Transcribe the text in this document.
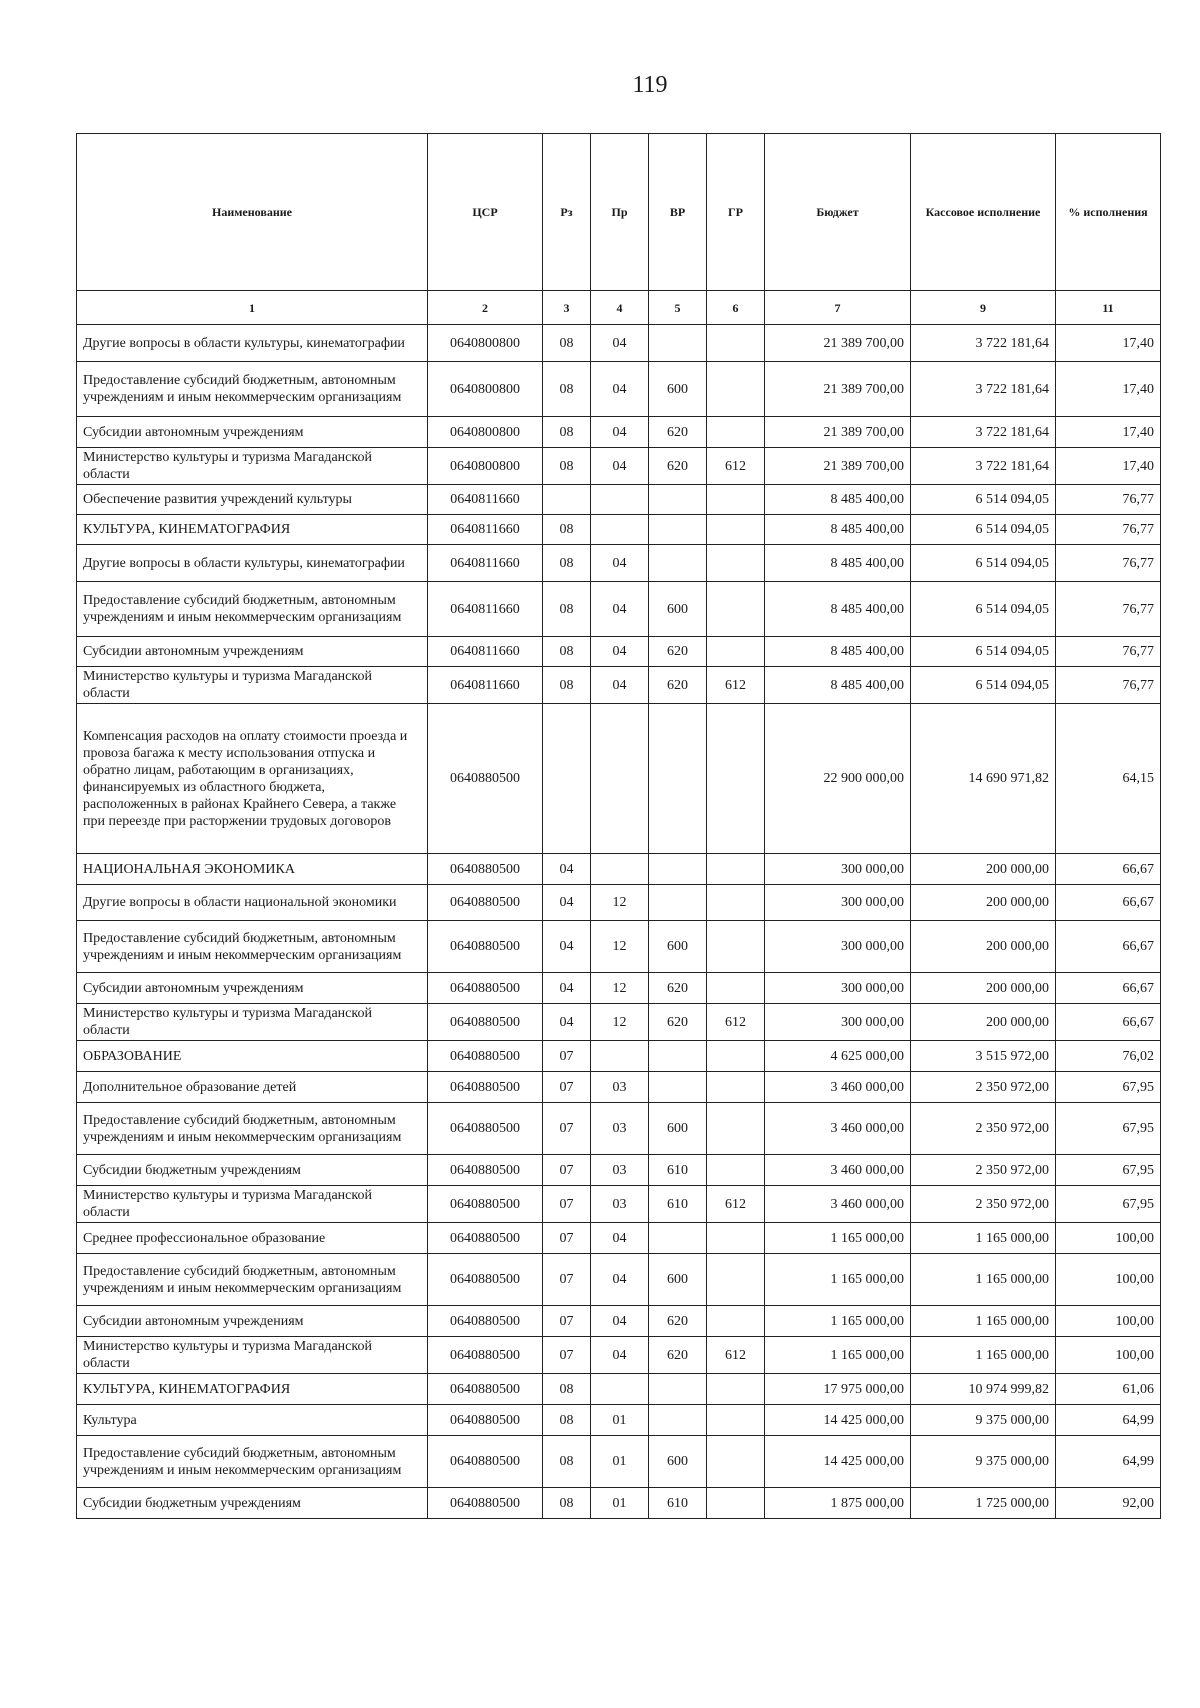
119
Наименование	ЦСР	Рз	Пр	ВР	ГР	Бюджет	Кассовое исполнение	% исполнения
1	2	3	4	5	6	7	9	11
Другие вопросы в области культуры, кинематографии	0640800800	08	04			21 389 700,00	3 722 181,64	17,40
Предоставление субсидий бюджетным, автономным учреждениям и иным некоммерческим организациям	0640800800	08	04	600		21 389 700,00	3 722 181,64	17,40
Субсидии автономным учреждениям	0640800800	08	04	620		21 389 700,00	3 722 181,64	17,40
Министерство культуры и туризма Магаданской области	0640800800	08	04	620	612	21 389 700,00	3 722 181,64	17,40
Обеспечение развития учреждений культуры	0640811660					8 485 400,00	6 514 094,05	76,77
КУЛЬТУРА, КИНЕМАТОГРАФИЯ	0640811660	08				8 485 400,00	6 514 094,05	76,77
Другие вопросы в области культуры, кинематографии	0640811660	08	04			8 485 400,00	6 514 094,05	76,77
Предоставление субсидий бюджетным, автономным учреждениям и иным некоммерческим организациям	0640811660	08	04	600		8 485 400,00	6 514 094,05	76,77
Субсидии автономным учреждениям	0640811660	08	04	620		8 485 400,00	6 514 094,05	76,77
Министерство культуры и туризма Магаданской области	0640811660	08	04	620	612	8 485 400,00	6 514 094,05	76,77
Компенсация расходов на оплату стоимости проезда и провоза багажа к месту использования отпуска и обратно лицам, работающим в организациях, финансируемых из областного бюджета, расположенных в районах Крайнего Севера, а также при переезде при расторжении трудовых договоров	0640880500					22 900 000,00	14 690 971,82	64,15
НАЦИОНАЛЬНАЯ ЭКОНОМИКА	0640880500	04				300 000,00	200 000,00	66,67
Другие вопросы в области национальной экономики	0640880500	04	12			300 000,00	200 000,00	66,67
Предоставление субсидий бюджетным, автономным учреждениям и иным некоммерческим организациям	0640880500	04	12	600		300 000,00	200 000,00	66,67
Субсидии автономным учреждениям	0640880500	04	12	620		300 000,00	200 000,00	66,67
Министерство культуры и туризма Магаданской области	0640880500	04	12	620	612	300 000,00	200 000,00	66,67
ОБРАЗОВАНИЕ	0640880500	07				4 625 000,00	3 515 972,00	76,02
Дополнительное образование детей	0640880500	07	03			3 460 000,00	2 350 972,00	67,95
Предоставление субсидий бюджетным, автономным учреждениям и иным некоммерческим организациям	0640880500	07	03	600		3 460 000,00	2 350 972,00	67,95
Субсидии бюджетным учреждениям	0640880500	07	03	610		3 460 000,00	2 350 972,00	67,95
Министерство культуры и туризма Магаданской области	0640880500	07	03	610	612	3 460 000,00	2 350 972,00	67,95
Среднее профессиональное образование	0640880500	07	04			1 165 000,00	1 165 000,00	100,00
Предоставление субсидий бюджетным, автономным учреждениям и иным некоммерческим организациям	0640880500	07	04	600		1 165 000,00	1 165 000,00	100,00
Субсидии автономным учреждениям	0640880500	07	04	620		1 165 000,00	1 165 000,00	100,00
Министерство культуры и туризма Магаданской области	0640880500	07	04	620	612	1 165 000,00	1 165 000,00	100,00
КУЛЬТУРА, КИНЕМАТОГРАФИЯ	0640880500	08				17 975 000,00	10 974 999,82	61,06
Культура	0640880500	08	01			14 425 000,00	9 375 000,00	64,99
Предоставление субсидий бюджетным, автономным учреждениям и иным некоммерческим организациям	0640880500	08	01	600		14 425 000,00	9 375 000,00	64,99
Субсидии бюджетным учреждениям	0640880500	08	01	610		1 875 000,00	1 725 000,00	92,00
